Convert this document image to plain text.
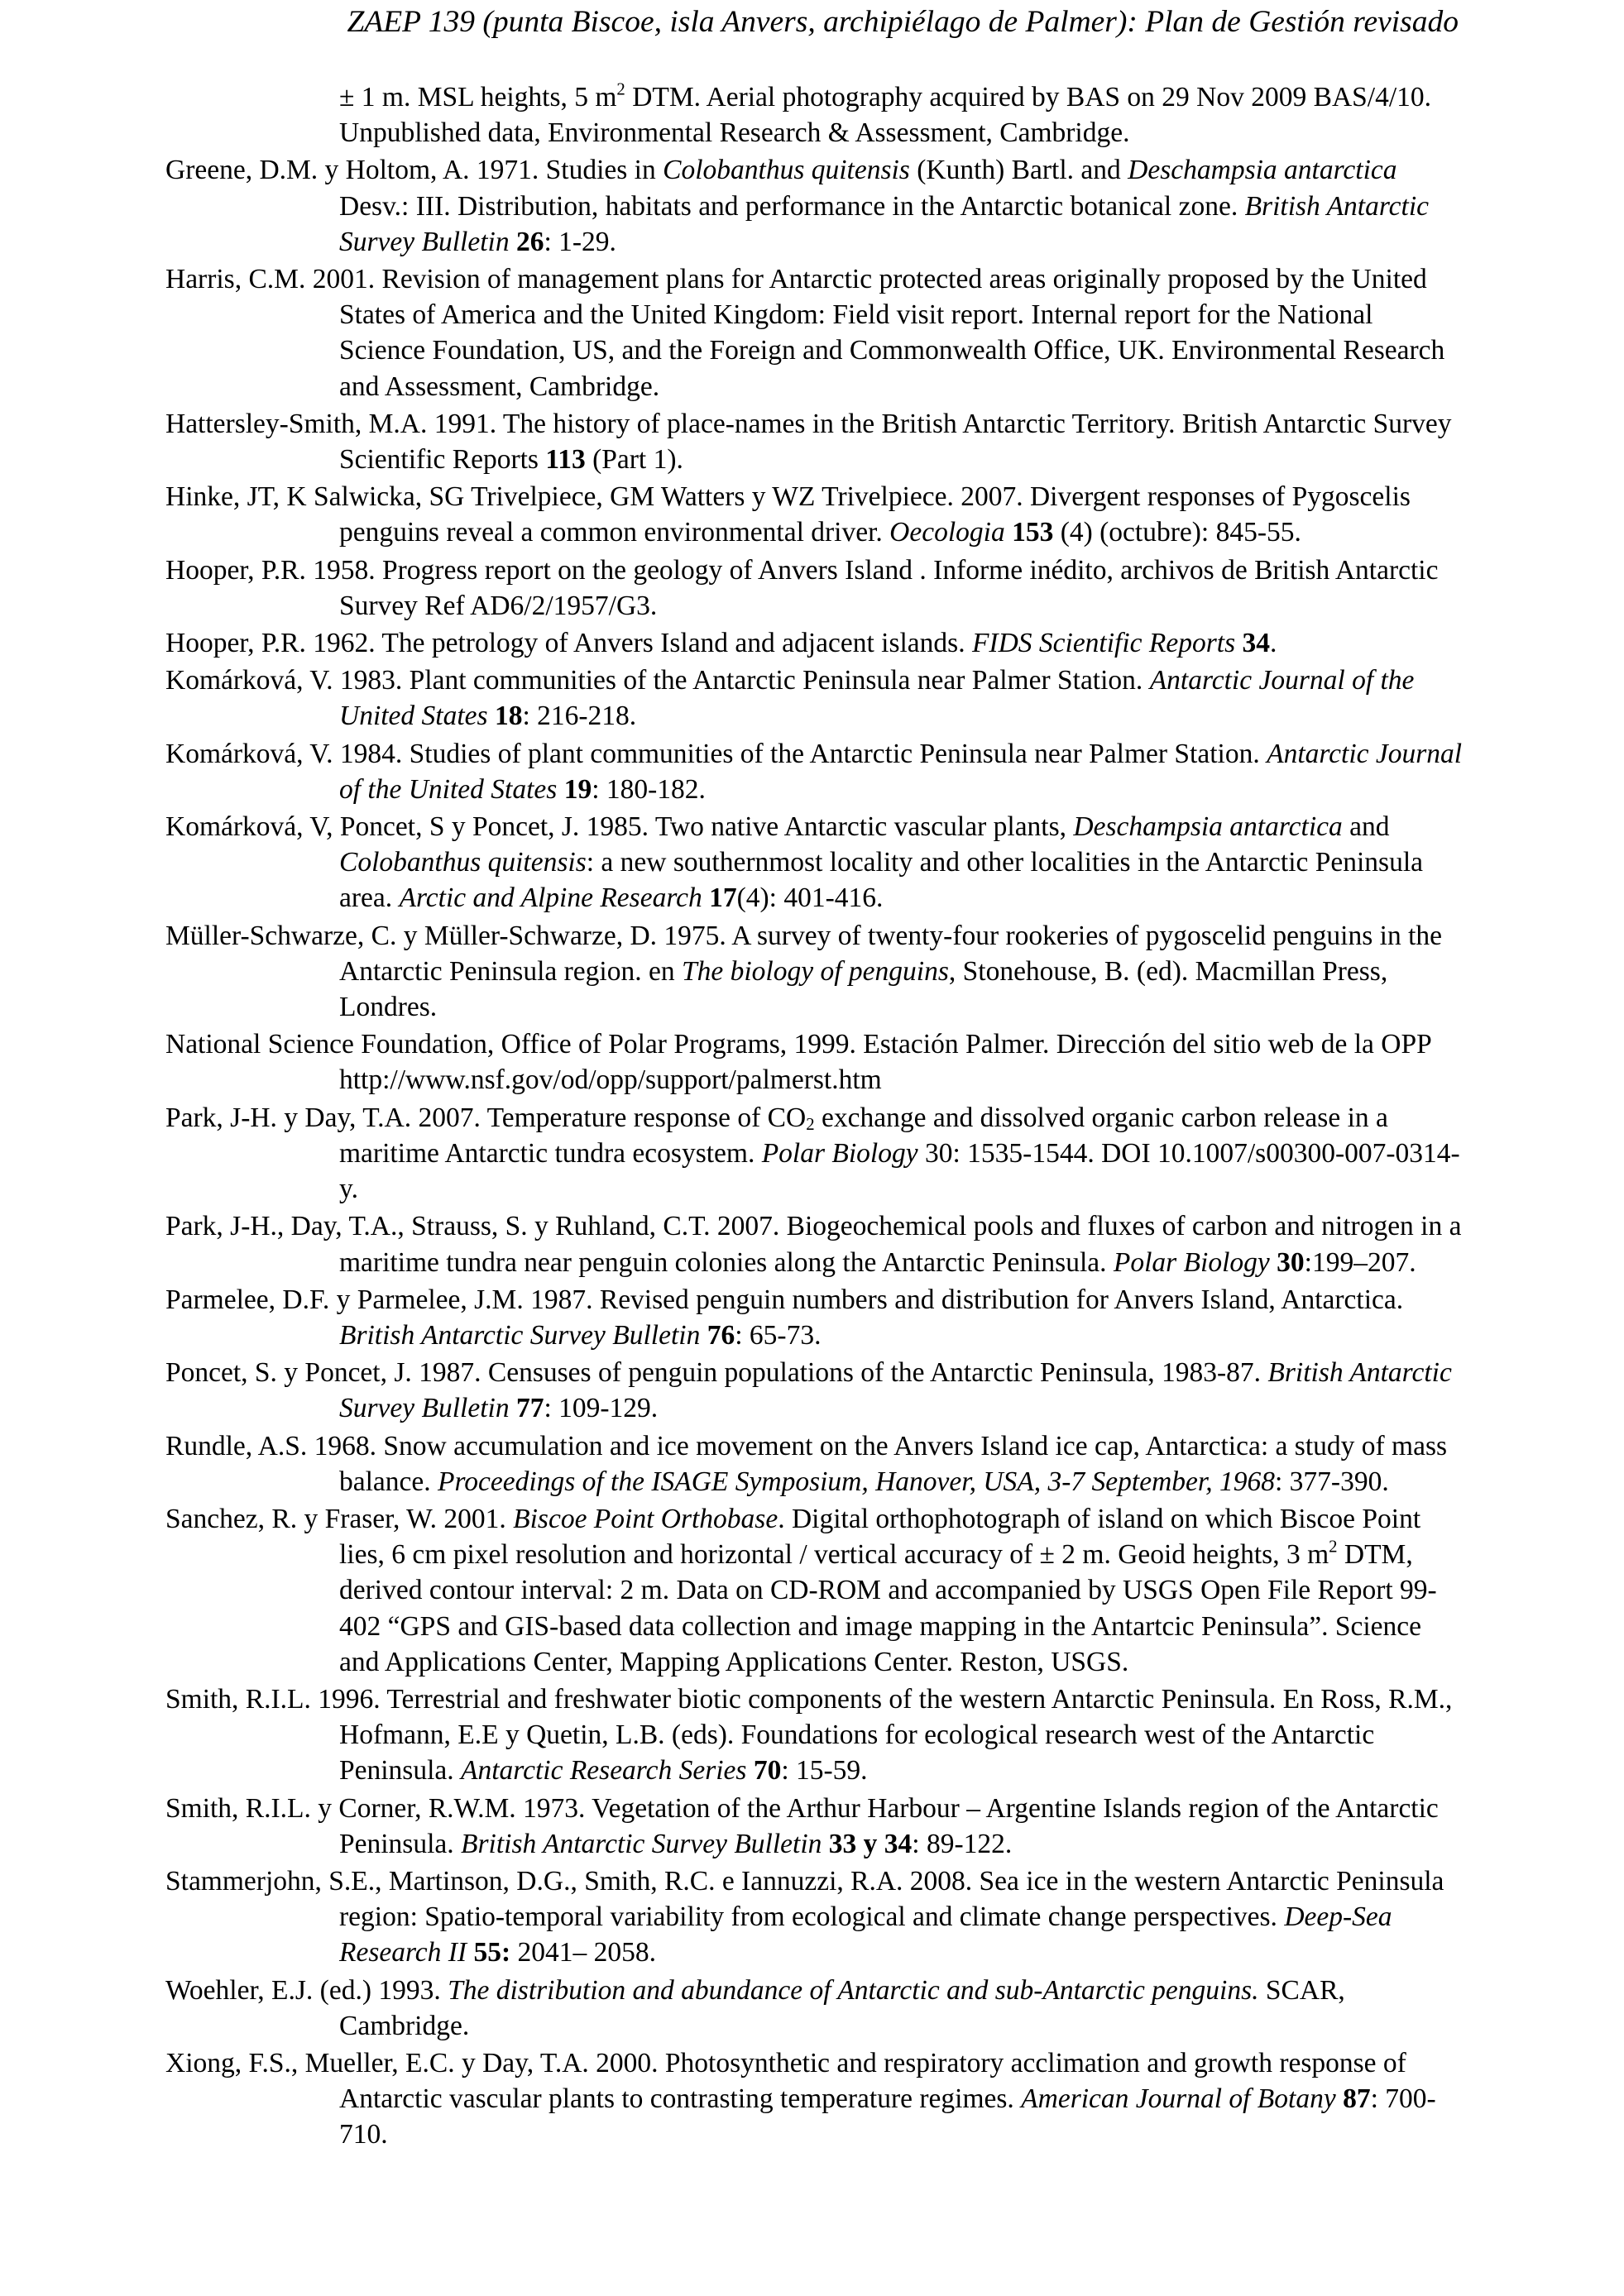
ZAEP 139 (punta Biscoe, isla Anvers, archipiélago de Palmer): Plan de Gestión revisado

± 1 m. MSL heights, 5 $m^2$ DTM. Aerial photography acquired by BAS on 29 Nov 2009 BAS/4/10. Unpublished data, Environmental Research & Assessment, Cambridge.

Greene, D.M. y Holtom, A. 1971. Studies in Colobanthus quitensis (Kunth) Bartl. and Deschampsia antarctica Desv.: III. Distribution, habitats and performance in the Antarctic botanical zone. British Antarctic Survey Bulletin 26: 1-29.

Harris, C.M. 2001. Revision of management plans for Antarctic protected areas originally proposed by the United States of America and the United Kingdom: Field visit report. Internal report for the National Science Foundation, US, and the Foreign and Commonwealth Office, UK. Environmental Research and Assessment, Cambridge.

Hattersley-Smith, M.A. 1991. The history of place-names in the British Antarctic Territory. British Antarctic Survey Scientific Reports 113 (Part 1).

Hinke, JT, K Salwicka, SG Trivelpiece, GM Watters y WZ Trivelpiece. 2007. Divergent responses of Pygoscelis penguins reveal a common environmental driver. Oecologia 153 (4) (octubre): 845-55.

Hooper, P.R. 1958. Progress report on the geology of Anvers Island . Informe inédito, archivos de British Antarctic Survey Ref AD6/2/1957/G3.

Hooper, P.R. 1962. The petrology of Anvers Island and adjacent islands. FIDS Scientific Reports 34.

Komárková, V. 1983. Plant communities of the Antarctic Peninsula near Palmer Station. Antarctic Journal of the United States 18: 216-218.

Komárková, V. 1984. Studies of plant communities of the Antarctic Peninsula near Palmer Station. Antarctic Journal of the United States 19: 180-182.

Komárková, V, Poncet, S y Poncet, J. 1985. Two native Antarctic vascular plants, Deschampsia antarctica and Colobanthus quitensis: a new southernmost locality and other localities in the Antarctic Peninsula area. Arctic and Alpine Research 17(4): 401-416.

Müller-Schwarze, C. y Müller-Schwarze, D. 1975. A survey of twenty-four rookeries of pygoscelid penguins in the Antarctic Peninsula region. en The biology of penguins, Stonehouse, B. (ed). Macmillan Press, Londres.

National Science Foundation, Office of Polar Programs, 1999. Estación Palmer. Dirección del sitio web de la OPP http://www.nsf.gov/od/opp/support/palmerst.htm

Park, J-H. y Day, T.A. 2007. Temperature response of $CO_2$ exchange and dissolved organic carbon release in a maritime Antarctic tundra ecosystem. Polar Biology 30: 1535-1544. DOI 10.1007/s00300-007-0314-y.

Park, J-H., Day, T.A., Strauss, S. y Ruhland, C.T. 2007. Biogeochemical pools and fluxes of carbon and nitrogen in a maritime tundra near penguin colonies along the Antarctic Peninsula. Polar Biology 30:199–207.

Parmelee, D.F. y Parmelee, J.M. 1987. Revised penguin numbers and distribution for Anvers Island, Antarctica. British Antarctic Survey Bulletin 76: 65-73.

Poncet, S. y Poncet, J. 1987. Censuses of penguin populations of the Antarctic Peninsula, 1983-87. British Antarctic Survey Bulletin 77: 109-129.

Rundle, A.S. 1968. Snow accumulation and ice movement on the Anvers Island ice cap, Antarctica: a study of mass balance. Proceedings of the ISAGE Symposium, Hanover, USA, 3-7 September, 1968: 377-390.

Sanchez, R. y Fraser, W. 2001. Biscoe Point Orthobase. Digital orthophotograph of island on which Biscoe Point lies, 6 cm pixel resolution and horizontal / vertical accuracy of ± 2 m. Geoid heights, 3 $m^2$ DTM, derived contour interval: 2 m. Data on CD-ROM and accompanied by USGS Open File Report 99-402 “GPS and GIS-based data collection and image mapping in the Antartcic Peninsula”. Science and Applications Center, Mapping Applications Center. Reston, USGS.

Smith, R.I.L. 1996. Terrestrial and freshwater biotic components of the western Antarctic Peninsula. En Ross, R.M., Hofmann, E.E y Quetin, L.B. (eds). Foundations for ecological research west of the Antarctic Peninsula. Antarctic Research Series 70: 15-59.

Smith, R.I.L. y Corner, R.W.M. 1973. Vegetation of the Arthur Harbour – Argentine Islands region of the Antarctic Peninsula. British Antarctic Survey Bulletin 33 y 34: 89-122.

Stammerjohn, S.E., Martinson, D.G., Smith, R.C. e Iannuzzi, R.A. 2008. Sea ice in the western Antarctic Peninsula region: Spatio-temporal variability from ecological and climate change perspectives. Deep-Sea Research II 55: 2041– 2058.

Woehler, E.J. (ed.) 1993. The distribution and abundance of Antarctic and sub-Antarctic penguins. SCAR, Cambridge.

Xiong, F.S., Mueller, E.C. y Day, T.A. 2000. Photosynthetic and respiratory acclimation and growth response of Antarctic vascular plants to contrasting temperature regimes. American Journal of Botany 87: 700-710.
